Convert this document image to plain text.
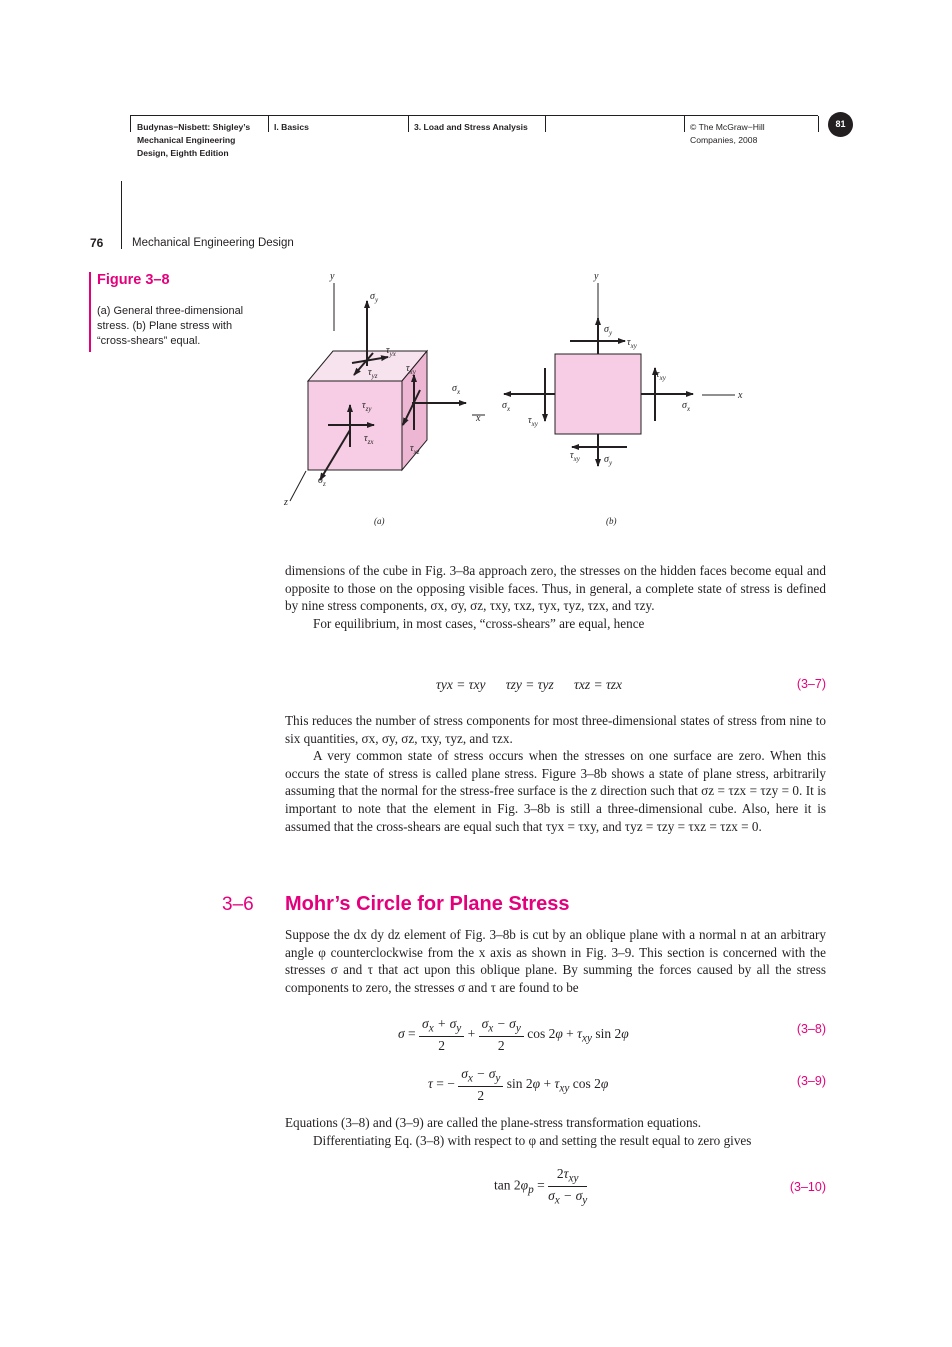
Budynas−Nisbett: Shigley’s
Mechanical Engineering
Design, Eighth Edition
I. Basics	3. Load and Stress Analysis	© The McGraw−Hill
Companies, 2008
81
76 Mechanical Engineering Design
Figure 3–8
(a) General three-dimensional stress. (b) Plane stress with “cross-shears” equal.
y
x
z
$\sigma_y$
$\tau_{yx}$
$\tau_{yz}$
$\tau_{xy}$
$\sigma_x$
$\tau_{zy}$
$\tau_{zx}$
$\tau_{xz}$
$\sigma_z$
(a)
y
x
$\sigma_y$
$\tau_{xy}$
$\tau_{xy}$
$\sigma_x$
$\sigma_x$
$\tau_{xy}$
$\tau_{xy}$ $\sigma_y$
(b)

dimensions of the cube in Fig. 3–8a approach zero, the stresses on the hidden faces become equal and opposite to those on the opposing visible faces. Thus, in general, a complete state of stress is defined by nine stress components, σx, σy, σz, τxy, τxz, τyx, τyz, τzx, and τzy.

For equilibrium, in most cases, “cross-shears” are equal, hence

τyx = τxy      τzy = τyz      τxz = τzx	(3–7)

This reduces the number of stress components for most three-dimensional states of stress from nine to six quantities, σx, σy, σz, τxy, τyz, and τzx.

A very common state of stress occurs when the stresses on one surface are zero. When this occurs the state of stress is called plane stress. Figure 3–8b shows a state of plane stress, arbitrarily assuming that the normal for the stress-free surface is the z direction such that σz = τzx = τzy = 0. It is important to note that the element in Fig. 3–8b is still a three-dimensional cube. Also, here it is assumed that the cross-shears are equal such that τyx = τxy, and τyz = τzy = τxz = τzx = 0.

3–6 Mohr’s Circle for Plane Stress
Suppose the dx dy dz element of Fig. 3–8b is cut by an oblique plane with a normal n at an arbitrary angle φ counterclockwise from the x axis as shown in Fig. 3–9. This section is concerned with the stresses σ and τ that act upon this oblique plane. By summing the forces caused by all the stress components to zero, the stresses σ and τ are found to be
$\sigma = \frac{\sigma_x + \sigma_y}{2} + \frac{\sigma_x - \sigma_y}{2}$ $\cos 2\varphi + \tau_{xy}$ sin 2φ	(3–8)
τ = − $\frac{\sigma_x - \sigma_y}{2}$ $\sin 2\varphi + \tau_{xy}$ cos 2φ	(3–9)

Equations (3–8) and (3–9) are called the plane-stress transformation equations.

Differentiating Eq. (3–8) with respect to φ and setting the result equal to zero gives

$\tan 2\varphi_p = \frac{2\tau_{xy}}{\sigma_x - \sigma_y}$	(3–10)
